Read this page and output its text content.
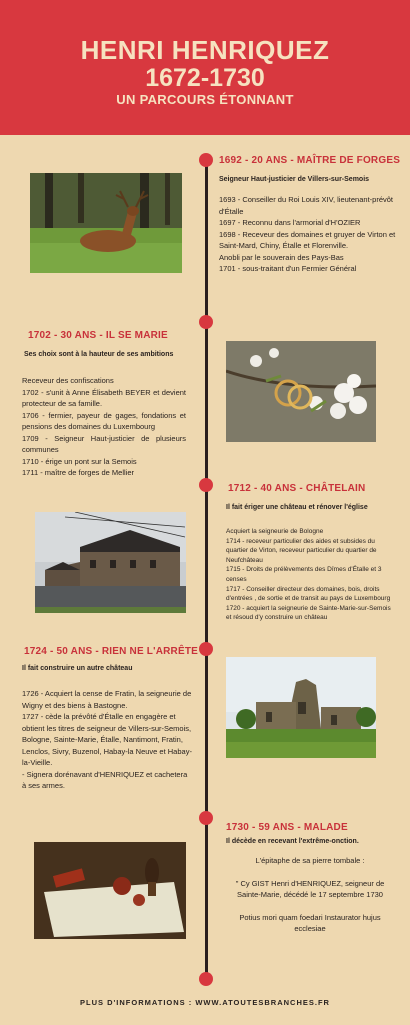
HENRI HENRIQUEZ
1672-1730
UN PARCOURS ÉTONNANT
1692 - 20 ANS - MAÎTRE DE FORGES
Seigneur Haut-justicier de Villers-sur-Semois
1693 - Conseiller du Roi Louis XIV, lieutenant-prévôt d'Étalle
1697 - Reconnu dans l'armorial d'H'OZIER
1698 - Receveur des domaines et gruyer de Virton et Saint-Mard, Chiny, Étalle et Florenville.
Anobli par le souverain des Pays-Bas
1701 - sous-traitant d'un Fermier Général
1702 - 30 ANS - IL SE MARIE
Ses choix sont à la hauteur de ses ambitions
Receveur des confiscations
1702 - s'unit à Anne Élisabeth BEYER et devient protecteur de sa famille.
1706 - fermier, payeur de gages, fondations et pensions des domaines du Luxembourg
1709 - Seigneur Haut-justicier de plusieurs communes
1710 - érige un pont sur la Semois
1711 - maître de forges de Mellier
1712 - 40 ANS - CHÂTELAIN
Il fait ériger une château et rénover l'église
Acquiert la seigneurie de Bologne
1714 - receveur particulier des aides et subsides du quartier de Virton, receveur particulier du quartier de Neufchâteau
1715 - Droits de prélèvements des Dîmes d'Étalle et 3 censes
1717 - Conseiller directeur des domaines, bois, droits d'entrées , de sortie et de transit au pays de Luxembourg
1720 - acquiert la seigneurie de Sainte-Marie-sur-Semois et résoud d'y construire un château
1724 - 50 ANS - RIEN NE L'ARRÊTE
Il fait construire un autre château
1726 - Acquiert la cense de Fratin, la seigneurie de Wigny et des biens à Bastogne.
1727 - cède la prévôté d'Étalle en engagère et obtient les titres de seigneur de Villers-sur-Semois, Bologne, Sainte-Marie, Étalle, Nantimont, Fratin, Lenclos, Sivry, Buzenol, Habay-la Neuve et Habay-la-Vieille.
- Signera dorénavant d'HENRIQUEZ et cachetera à ses armes.
1730 - 59 ANS - MALADE
Il décède en recevant l'extrême-onction.
L'épitaphe de sa pierre tombale :
" Cy GIST Henri d'HENRIQUEZ, seigneur de Sainte-Marie, décédé le 17 septembre 1730
Potius mori quam foedari Instaurator hujus ecclesiae
PLUS D'INFORMATIONS : WWW.ATOUTESBRANCHES.FR
